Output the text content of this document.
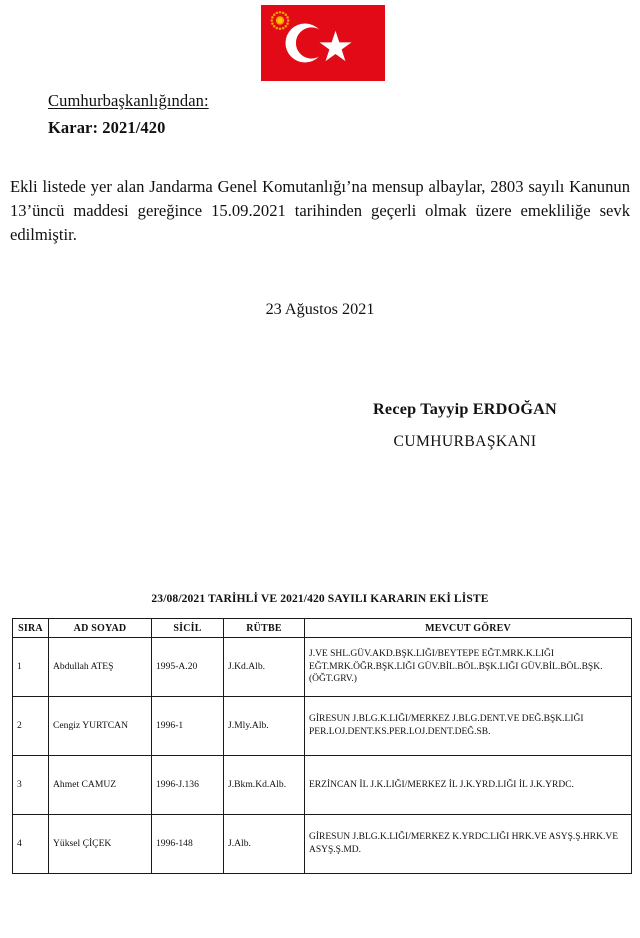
Cumhurbaşkanlığından:
Karar: 2021/420

Ekli listede yer alan Jandarma Genel Komutanlığı’na mensup albaylar, 2803 sayılı Kanunun 13’üncü maddesi gereğince 15.09.2021 tarihinden geçerli olmak üzere emekliliğe sevk edilmiştir.

23 Ağustos 2021
Recep Tayyip ERDOĞAN
CUMHURBAŞKANI
23/08/2021 TARİHLİ VE 2021/420 SAYILI KARARIN EKİ LİSTE
SIRA	AD SOYAD	SİCİL	RÜTBE	MEVCUT GÖREV
1	Abdullah ATEŞ	1995-A.20	J.Kd.Alb.	J.VE SHL.GÜV.AKD.BŞK.LIĞI/BEYTEPE EĞT.MRK.K.LIĞI EĞT.MRK.ÖĞR.BŞK.LIĞI GÜV.BİL.BÖL.BŞK.LIĞI GÜV.BİL.BÖL.BŞK.(ÖĞT.GRV.)
2	Cengiz YURTCAN	1996-1	J.Mly.Alb.	GİRESUN J.BLG.K.LIĞI/MERKEZ J.BLG.DENT.VE DEĞ.BŞK.LIĞI PER.LOJ.DENT.KS.PER.LOJ.DENT.DEĞ.SB.
3	Ahmet CAMUZ	1996-J.136	J.Bkm.Kd.Alb.	ERZİNCAN İL J.K.LIĞI/MERKEZ İL J.K.YRD.LIĞI İL J.K.YRDC.
4	Yüksel ÇİÇEK	1996-148	J.Alb.	GİRESUN J.BLG.K.LIĞI/MERKEZ K.YRDC.LIĞI HRK.VE ASYŞ.Ş.HRK.VE ASYŞ.Ş.MD.
